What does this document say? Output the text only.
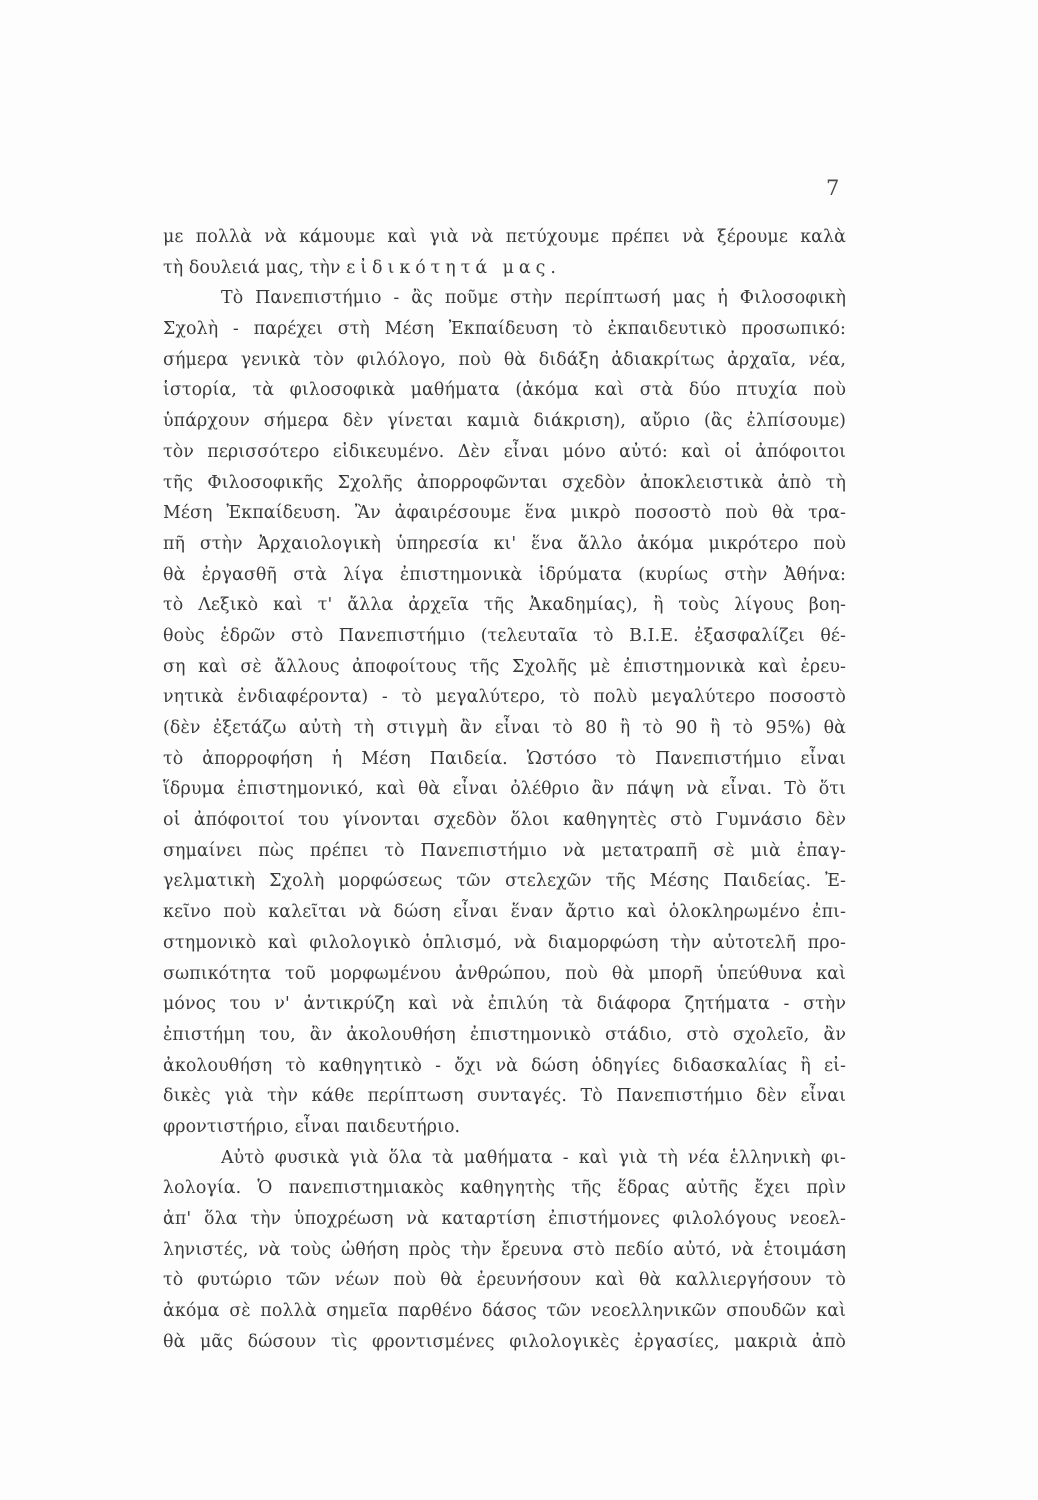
7
με πολλὰ νὰ κάμουμε καὶ γιὰ νὰ πετύχουμε πρέπει νὰ ξέρουμε καλὰ
τὴ δουλειά μας, τὴν εἰδικότητά μας.
Τὸ Πανεπιστήμιο - ἂς ποῦμε στὴν περίπτωσή μας ἡ Φιλοσοφικὴ
Σχολὴ - παρέχει στὴ Μέση Ἐκπαίδευση τὸ ἐκπαιδευτικὸ προσωπικό:
σήμερα γενικὰ τὸν φιλόλογο, ποὺ θὰ διδάξη ἀδιακρίτως ἀρχαῖα, νέα,
ἱστορία, τὰ φιλοσοφικὰ μαθήματα (ἀκόμα καὶ στὰ δύο πτυχία ποὺ
ὑπάρχουν σήμερα δὲν γίνεται καμιὰ διάκριση), αὔριο (ἂς ἐλπίσουμε)
τὸν περισσότερο εἰδικευμένο. Δὲν εἶναι μόνο αὐτό: καὶ οἱ ἀπόφοιτοι
τῆς Φιλοσοφικῆς Σχολῆς ἀπορροφῶνται σχεδὸν ἀποκλειστικὰ ἀπὸ τὴ
Μέση Ἐκπαίδευση. Ἂν ἀφαιρέσουμε ἕνα μικρὸ ποσοστὸ ποὺ θὰ τρα-
πῆ στὴν Ἀρχαιολογικὴ ὑπηρεσία κι' ἕνα ἄλλο ἀκόμα μικρότερο ποὺ
θὰ ἐργασθῆ στὰ λίγα ἐπιστημονικὰ ἱδρύματα (κυρίως στὴν Ἀθήνα:
τὸ Λεξικὸ καὶ τ' ἄλλα ἀρχεῖα τῆς Ἀκαδημίας), ἢ τοὺς λίγους βοη-
θοὺς ἑδρῶν στὸ Πανεπιστήμιο (τελευταῖα τὸ Β.Ι.Ε. ἐξασφαλίζει θέ-
ση καὶ σὲ ἄλλους ἀποφοίτους τῆς Σχολῆς μὲ ἐπιστημονικὰ καὶ ἐρευ-
νητικὰ ἐνδιαφέροντα) - τὸ μεγαλύτερο, τὸ πολὺ μεγαλύτερο ποσοστὸ
(δὲν ἐξετάζω αὐτὴ τὴ στιγμὴ ἂν εἶναι τὸ 80 ἢ τὸ 90 ἢ τὸ 95%) θὰ
τὸ ἀπορροφήση ἡ Μέση Παιδεία. Ὡστόσο τὸ Πανεπιστήμιο εἶναι
ἵδρυμα ἐπιστημονικό, καὶ θὰ εἶναι ὀλέθριο ἂν πάψη νὰ εἶναι. Τὸ ὅτι
οἱ ἀπόφοιτοί του γίνονται σχεδὸν ὅλοι καθηγητὲς στὸ Γυμνάσιο δὲν
σημαίνει πὼς πρέπει τὸ Πανεπιστήμιο νὰ μετατραπῆ σὲ μιὰ ἐπαγ-
γελματικὴ Σχολὴ μορφώσεως τῶν στελεχῶν τῆς Μέσης Παιδείας. Ἐ-
κεῖνο ποὺ καλεῖται νὰ δώση εἶναι ἕναν ἄρτιο καὶ ὁλοκληρωμένο ἐπι-
στημονικὸ καὶ φιλολογικὸ ὁπλισμό, νὰ διαμορφώση τὴν αὐτοτελῆ προ-
σωπικότητα τοῦ μορφωμένου ἀνθρώπου, ποὺ θὰ μπορῆ ὑπεύθυνα καὶ
μόνος του ν' ἀντικρύζη καὶ νὰ ἐπιλύη τὰ διάφορα ζητήματα - στὴν
ἐπιστήμη του, ἂν ἀκολουθήση ἐπιστημονικὸ στάδιο, στὸ σχολεῖο, ἂν
ἀκολουθήση τὸ καθηγητικὸ - ὄχι νὰ δώση ὁδηγίες διδασκαλίας ἢ εἰ-
δικὲς γιὰ τὴν κάθε περίπτωση συνταγές. Τὸ Πανεπιστήμιο δὲν εἶναι
φροντιστήριο, εἶναι παιδευτήριο.
Αὐτὸ φυσικὰ γιὰ ὅλα τὰ μαθήματα - καὶ γιὰ τὴ νέα ἑλληνικὴ φι-
λολογία. Ὁ πανεπιστημιακὸς καθηγητὴς τῆς ἕδρας αὐτῆς ἔχει πρὶν
ἀπ' ὅλα τὴν ὑποχρέωση νὰ καταρτίση ἐπιστήμονες φιλολόγους νεοελ-
ληνιστές, νὰ τοὺς ὠθήση πρὸς τὴν ἔρευνα στὸ πεδίο αὐτό, νὰ ἑτοιμάση
τὸ φυτώριο τῶν νέων ποὺ θὰ ἐρευνήσουν καὶ θὰ καλλιεργήσουν τὸ
ἀκόμα σὲ πολλὰ σημεῖα παρθένο δάσος τῶν νεοελληνικῶν σπουδῶν καὶ
θὰ μᾶς δώσουν τὶς φροντισμένες φιλολογικὲς ἐργασίες, μακριὰ ἀπὸ
